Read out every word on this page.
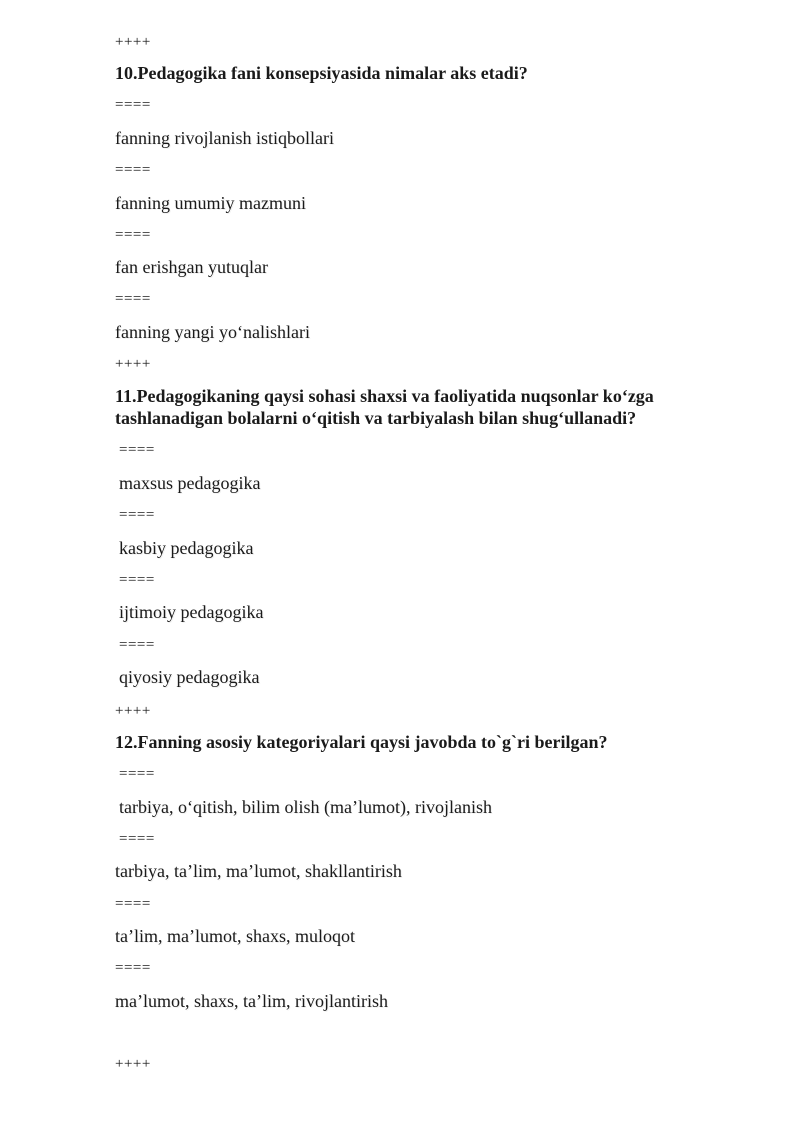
++++
10.Pedagogika fani konsepsiyasida nimalar aks etadi?
====
fanning rivojlanish istiqbollari
====
fanning umumiy mazmuni
====
fan erishgan yutuqlar
====
fanning yangi yo‘nalishlari
++++
11.Pedagogikaning qaysi sohasi shaxsi va faoliyatida nuqsonlar ko‘zga
tashlanadigan bolalarni o‘qitish va tarbiyalash bilan shug‘ullanadi?
====
maxsus pedagogika
====
kasbiy pedagogika
====
ijtimoiy pedagogika
====
qiyosiy pedagogika
++++
12.Fanning asosiy kategoriyalari qaysi javobda to`g`ri berilgan?
====
tarbiya, o‘qitish, bilim olish (ma’lumot), rivojlanish
====
tarbiya, ta’lim, ma’lumot, shakllantirish
====
ta’lim, ma’lumot, shaxs, muloqot
====
ma’lumot, shaxs, ta’lim, rivojlantirish
++++
